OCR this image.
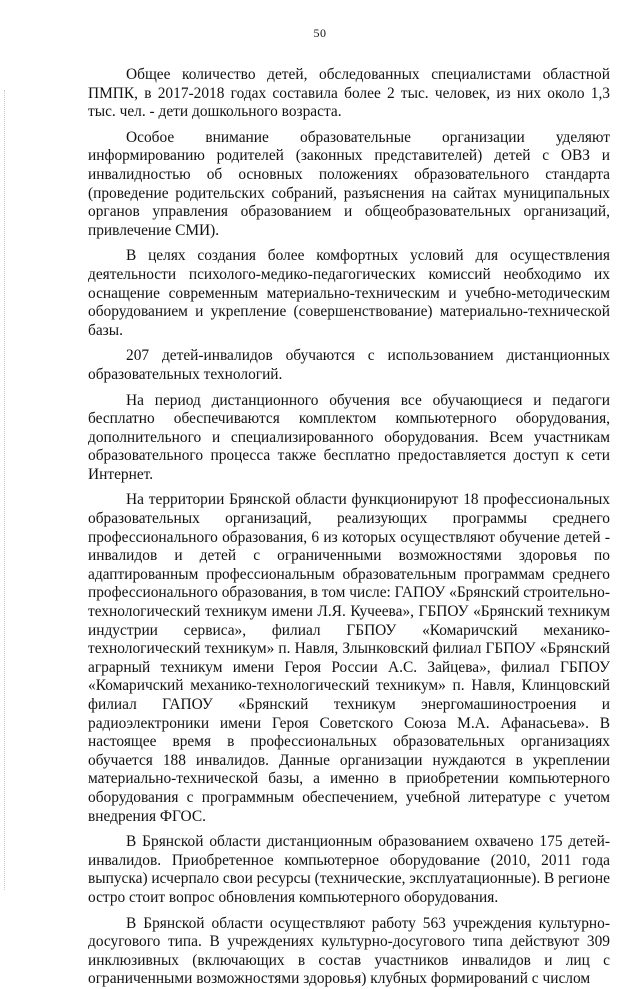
50

Общее количество детей, обследованных специалистами областной ПМПК, в 2017-2018 годах составила более 2 тыс. человек, из них около 1,3 тыс. чел. - дети дошкольного возраста.

Особое внимание образовательные организации уделяют информированию родителей (законных представителей) детей с ОВЗ и инвалидностью об основных положениях образовательного стандарта (проведение родительских собраний, разъяснения на сайтах муниципальных органов управления образованием и общеобразовательных организаций, привлечение СМИ).

В целях создания более комфортных условий для осуществления деятельности психолого-медико-педагогических комиссий необходимо их оснащение современным материально-техническим и учебно-методическим оборудованием и укрепление (совершенствование) материально-технической базы.

207 детей-инвалидов обучаются с использованием дистанционных образовательных технологий.

На период дистанционного обучения все обучающиеся и педагоги бесплатно обеспечиваются комплектом компьютерного оборудования, дополнительного и специализированного оборудования. Всем участникам образовательного процесса также бесплатно предоставляется доступ к сети Интернет.

На территории Брянской области функционируют 18 профессиональных образовательных организаций, реализующих программы среднего профессионального образования, 6 из которых осуществляют обучение детей - инвалидов и детей с ограниченными возможностями здоровья по адаптированным профессиональным образовательным программам среднего профессионального образования, в том числе: ГАПОУ «Брянский строительно-технологический техникум имени Л.Я. Кучеева», ГБПОУ «Брянский техникум индустрии сервиса», филиал ГБПОУ «Комаричский механико-технологический техникум» п. Навля, Злынковский филиал ГБПОУ «Брянский аграрный техникум имени Героя России А.С. Зайцева», филиал ГБПОУ «Комаричский механико-технологический техникум» п. Навля, Клинцовский филиал ГАПОУ «Брянский техникум энергомашиностроения и радиоэлектроники имени Героя Советского Союза М.А. Афанасьева». В настоящее время в профессиональных образовательных организациях обучается 188 инвалидов. Данные организации нуждаются в укреплении материально-технической базы, а именно в приобретении компьютерного оборудования с программным обеспечением, учебной литературе с учетом внедрения ФГОС.

В Брянской области дистанционным образованием охвачено 175 детей-инвалидов. Приобретенное компьютерное оборудование (2010, 2011 года выпуска) исчерпало свои ресурсы (технические, эксплуатационные). В регионе остро стоит вопрос обновления компьютерного оборудования.

В Брянской области осуществляют работу 563 учреждения культурно-досугового типа. В учреждениях культурно-досугового типа действуют 309 инклюзивных (включающих в состав участников инвалидов и лиц с ограниченными возможностями здоровья) клубных формирований с числом
